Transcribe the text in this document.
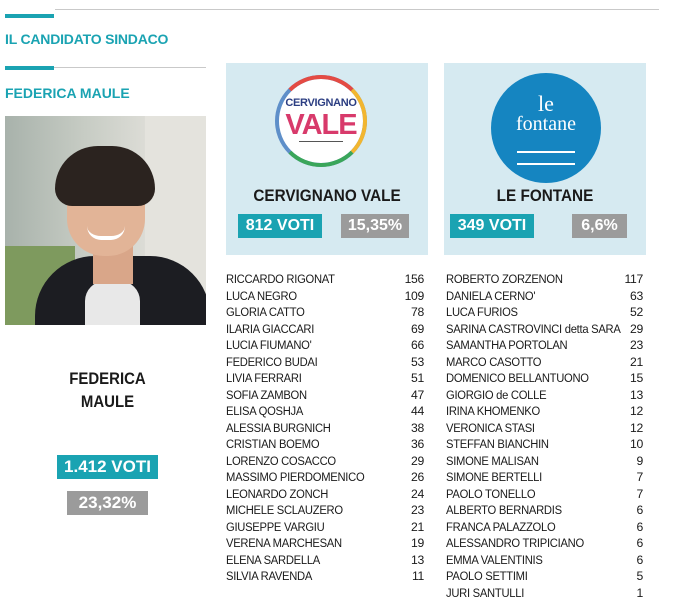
IL CANDIDATO SINDACO
FEDERICA MAULE
FEDERICA
MAULE
1.412 VOTI
23,32%
CERVIGNANO
VALE
CERVIGNANO VALE
812 VOTI	15,35%
le
fontane
LE FONTANE
349 VOTI	6,6%
RICCARDO RIGONAT	156
LUCA NEGRO	109
GLORIA CATTO	78
ILARIA GIACCARI	69
LUCIA FIUMANO'	66
FEDERICO BUDAI	53
LIVIA FERRARI	51
SOFIA ZAMBON	47
ELISA QOSHJA	44
ALESSIA BURGNICH	38
CRISTIAN BOEMO	36
LORENZO COSACCO	29
MASSIMO PIERDOMENICO	26
LEONARDO ZONCH	24
MICHELE SCLAUZERO	23
GIUSEPPE VARGIU	21
VERENA MARCHESAN	19
ELENA SARDELLA	13
SILVIA RAVENDA	11
ROBERTO ZORZENON	117
DANIELA CERNO'	63
LUCA FURIOS	52
SARINA CASTROVINCI detta SARA 29
SAMANTHA PORTOLAN	23
MARCO CASOTTO	21
DOMENICO BELLANTUONO	15
GIORGIO de COLLE	13
IRINA KHOMENKO	12
VERONICA STASI	12
STEFFAN BIANCHIN	10
SIMONE MALISAN	9
SIMONE BERTELLI	7
PAOLO TONELLO	7
ALBERTO BERNARDIS	6
FRANCA PALAZZOLO	6
ALESSANDRO TRIPICIANO	6
EMMA VALENTINIS	6
PAOLO SETTIMI	5
JURI SANTULLI	1
